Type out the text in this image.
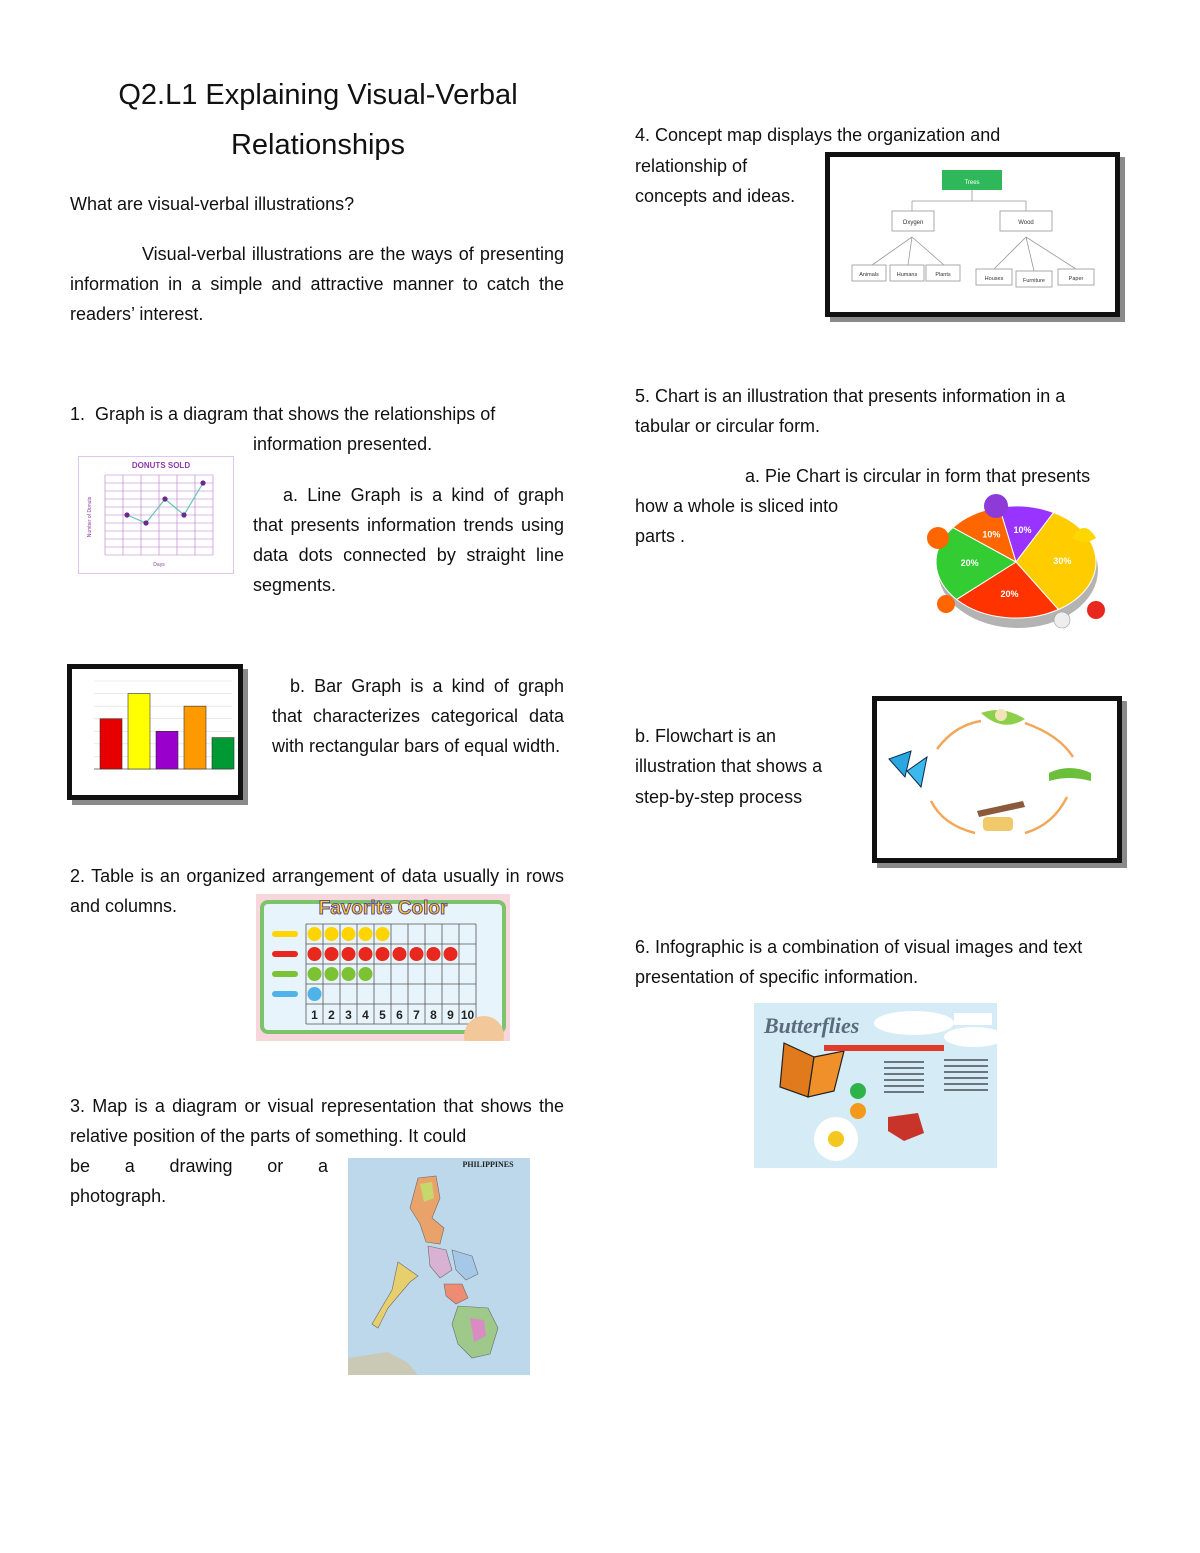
Q2.L1 Explaining Visual-Verbal
Relationships
What are visual-verbal illustrations?
Visual-verbal illustrations are the ways of presenting information in a simple and attractive manner to catch the readers’ interest.
1. Graph is a diagram that shows the relationships of
information presented.
DONUTS SOLD
Number of Donuts
Days
a. Line Graph is a kind of graph that presents information trends using data dots connected by straight line segments.
b. Bar Graph is a kind of graph that characterizes categorical data with rectangular bars of equal width.
2. Table is an organized arrangement of data usually in rows and columns.	Favorite Color
1 2 3 4 5 6 7 8 9 10
3. Map is a diagram or visual representation that shows the relative position of the parts of something. It could
be a drawing or a
photograph.
PHILIPPINES
4. Concept map displays the organization and
relationship of
concepts and ideas.
Trees
Oxygen	Wood
Animals	Humans	Plants
Houses	Furniture	Paper
5. Chart is an illustration that presents information in a
tabular or circular form.
a. Pie Chart is circular in form that presents
how a whole is sliced into
parts .	10%
30%
20%
20%
10%
b. Flowchart is an
illustration that shows a
step-by-step process
6. Infographic is a combination of visual images and text
presentation of specific information.
Butterflies
